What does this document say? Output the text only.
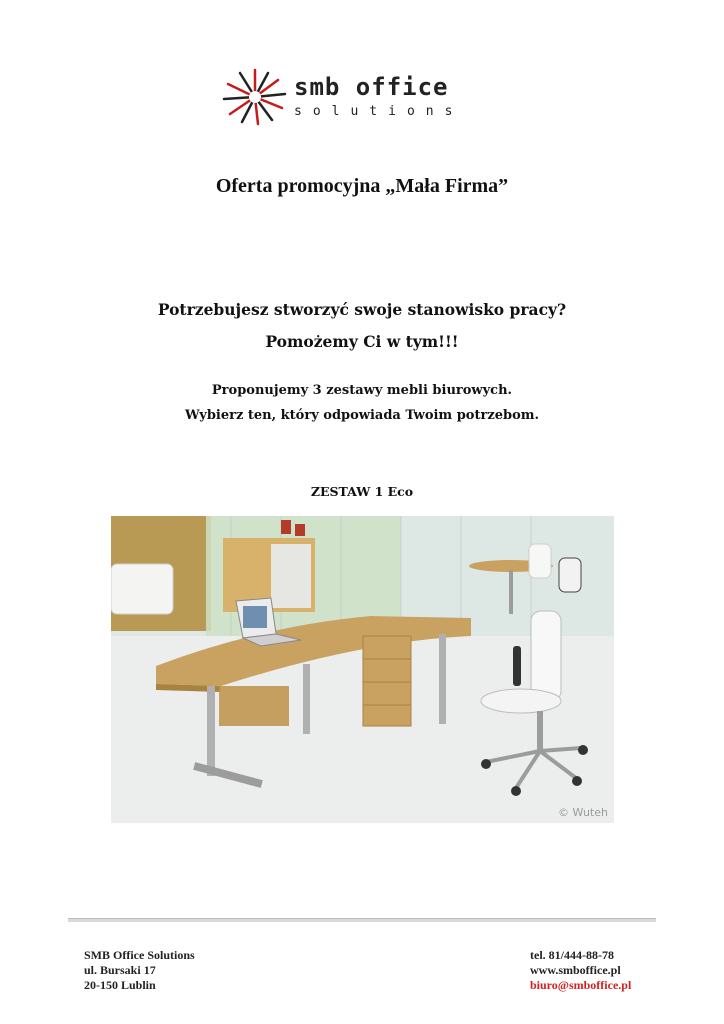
smb office
solutions
Oferta promocyjna „Mała Firma”
Potrzebujesz stworzyć swoje stanowisko pracy?
Pomożemy Ci w tym!!!
Proponujemy 3 zestawy mebli biurowych.
Wybierz ten, który odpowiada Twoim potrzebom.
ZESTAW 1 Eco
© Wuteh
SMB Office Solutions
ul. Bursaki 17
20-150 Lublin
tel. 81/444-88-78
www.smboffice.pl
biuro@smboffice.pl
